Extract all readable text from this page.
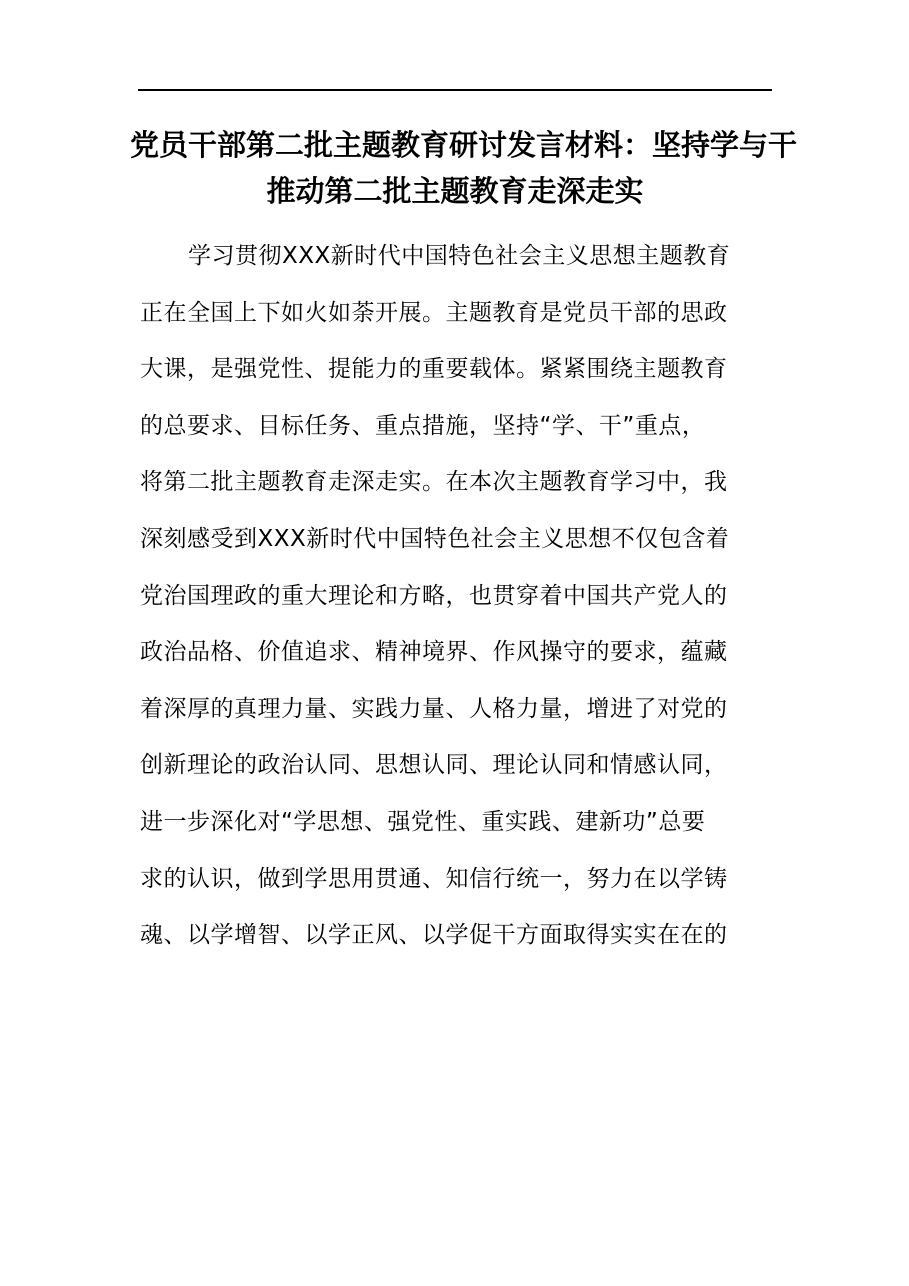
党员干部第二批主题教育研讨发言材料：坚持学与干
推动第二批主题教育走深走实
学习贯彻XXX新时代中国特色社会主义思想主题教育
正在全国上下如火如荼开展。主题教育是党员干部的思政
大课，是强党性、提能力的重要载体。紧紧围绕主题教育
的总要求、目标任务、重点措施，坚持“学、干”重点，
将第二批主题教育走深走实。在本次主题教育学习中，我
深刻感受到XXX新时代中国特色社会主义思想不仅包含着
党治国理政的重大理论和方略，也贯穿着中国共产党人的
政治品格、价值追求、精神境界、作风操守的要求，蕴藏
着深厚的真理力量、实践力量、人格力量，增进了对党的
创新理论的政治认同、思想认同、理论认同和情感认同，
进一步深化对“学思想、强党性、重实践、建新功”总要
求的认识，做到学思用贯通、知信行统一，努力在以学铸
魂、以学增智、以学正风、以学促干方面取得实实在在的
